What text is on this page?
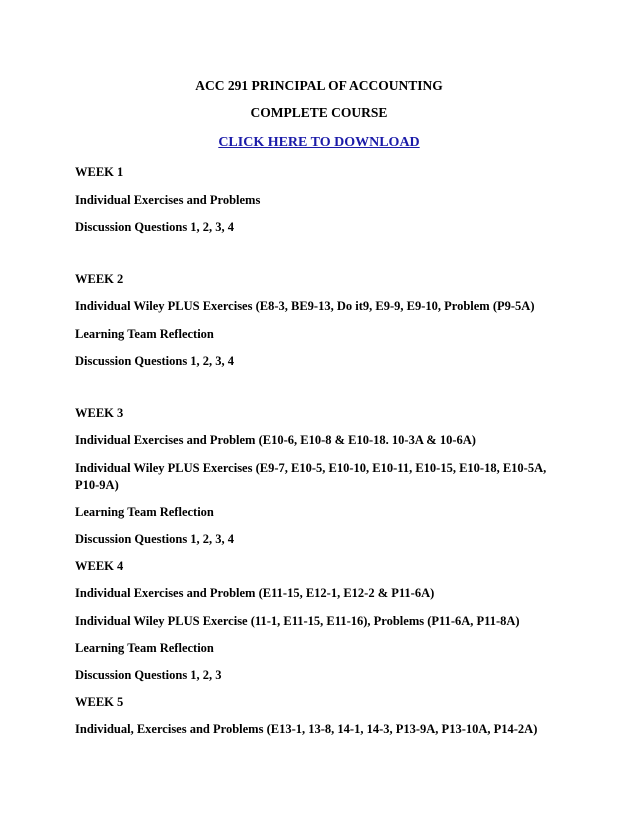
ACC 291 PRINCIPAL OF ACCOUNTING
COMPLETE COURSE
CLICK HERE TO DOWNLOAD
WEEK 1
Individual Exercises and Problems
Discussion Questions 1, 2, 3, 4
WEEK 2
Individual Wiley PLUS Exercises (E8-3, BE9-13, Do it9, E9-9, E9-10, Problem (P9-5A)
Learning Team Reflection
Discussion Questions 1, 2, 3, 4
WEEK 3
Individual Exercises and Problem (E10-6, E10-8 & E10-18. 10-3A & 10-6A)
Individual Wiley PLUS Exercises (E9-7, E10-5, E10-10, E10-11, E10-15, E10-18, E10-5A, P10-9A)
Learning Team Reflection
Discussion Questions 1, 2, 3, 4
WEEK 4
Individual Exercises and Problem (E11-15, E12-1, E12-2 & P11-6A)
Individual Wiley PLUS Exercise (11-1, E11-15, E11-16), Problems (P11-6A, P11-8A)
Learning Team Reflection
Discussion Questions 1, 2, 3
WEEK 5
Individual, Exercises and Problems (E13-1, 13-8, 14-1, 14-3, P13-9A, P13-10A, P14-2A)
